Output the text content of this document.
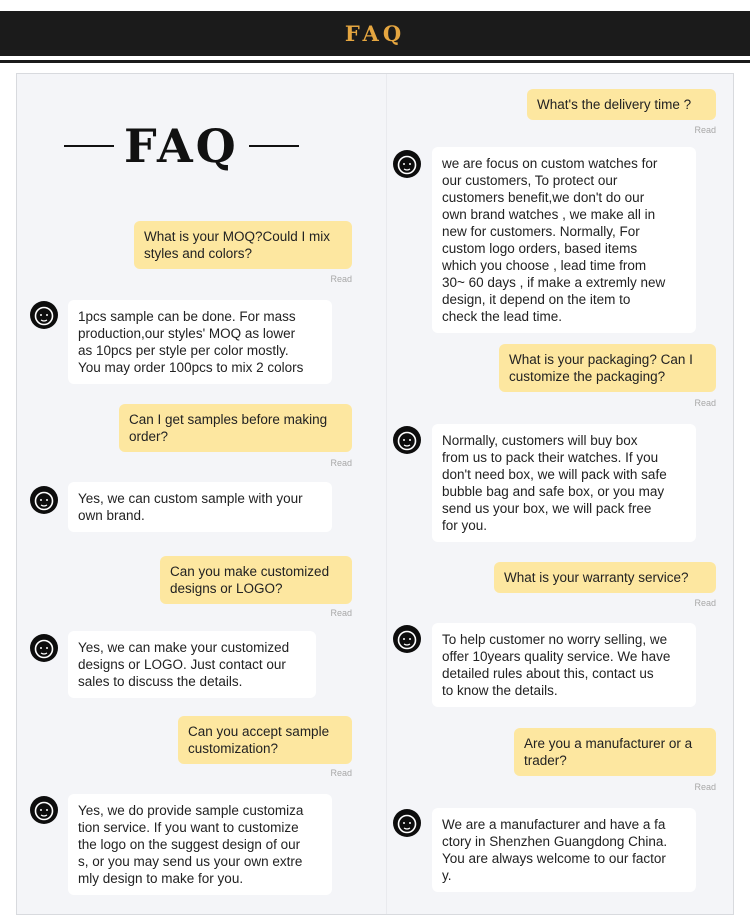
FAQ
FAQ
What is your MOQ?Could I mix
styles and colors?
Read
1pcs sample can be done. For mass
production,our styles' MOQ as lower
as 10pcs per style per color mostly.
You may order 100pcs to mix 2 colors
Can I get samples before making
order?
Read
Yes, we can custom sample with your
own brand.
Can you make customized
designs or LOGO?
Read
Yes, we can make your customized
designs or LOGO. Just contact our
sales to discuss the details.
Can you accept sample
customization?
Read
Yes, we do provide sample customiza
tion service. If you want to customize
the logo on the suggest design of our
s, or you may send us your own extre
mly design to make for you.
What's the delivery time ?
Read
we are focus on custom watches for
our customers, To protect our
customers benefit,we don't do our
own brand watches , we make all in
new for customers. Normally, For
custom logo orders, based items
which you choose , lead time from
30~ 60 days , if make a extremly new
design, it depend on the item to
check the lead time.
What is your packaging? Can I
customize the packaging?
Read
Normally, customers will buy box
from us to pack their watches. If you
don't need box, we will pack with safe
bubble bag and safe box, or you may
send us your box, we will pack free
for you.
What is your warranty service?
Read
To help customer no worry selling, we
offer 10years quality service. We have
detailed rules about this, contact us
to know the details.
Are you a manufacturer or a
trader?
Read
We are a manufacturer and have a fa
ctory in Shenzhen Guangdong China.
You are always welcome to our factor
y.
